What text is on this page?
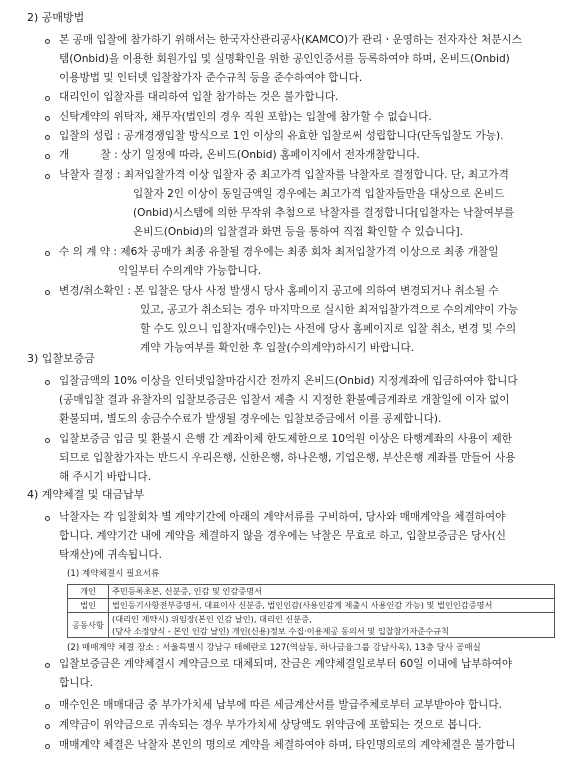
2) 공매방법
본 공매 입찰에 참가하기 위해서는 한국자산관리공사(KAMCO)가 관리ㆍ운영하는 전자자산 처분시스
템(Onbid)을 이용한 회원가입 및 실명확인을 위한 공인인증서를 등록하여야 하며, 온비드(Onbid)
이용방법 및 인터넷 입찰참가자 준수규칙 등을 준수하여야 합니다.
대리인이 입찰자를 대리하여 입찰 참가하는 것은 불가합니다.
신탁계약의 위탁자, 채무자(법인의 경우 직원 포함)는 입찰에 참가할 수 없습니다.
입찰의 성립 : 공개경쟁입찰 방식으로 1인 이상의 유효한 입찰로써 성립합니다(단독입찰도 가능).
개 　 　 찰 : 상기 일정에 따라, 온비드(Onbid) 홈페이지에서 전자개찰합니다.
낙찰자 결정 : 최저입찰가격 이상 입찰자 중 최고가격 입찰자를 낙찰자로 결정합니다. 단, 최고가격
입찰자 2인 이상이 동일금액일 경우에는 최고가격 입찰자들만을 대상으로 온비드
(Onbid)시스템에 의한 무작위 추첨으로 낙찰자를 결정합니다[입찰자는 낙찰여부를
온비드(Onbid)의 입찰결과 화면 등을 통하여 직접 확인할 수 있습니다].
수 의 계 약 : 제6차 공매가 최종 유찰될 경우에는 최종 회차 최저입찰가격 이상으로 최종 개찰일
익일부터 수의계약 가능합니다.
변경/취소확인 : 본 입찰은 당사 사정 발생시 당사 홈페이지 공고에 의하여 변경되거나 취소될 수
있고, 공고가 취소되는 경우 마지막으로 실시한 최저입찰가격으로 수의계약이 가능
할 수도 있으니 입찰자(매수인)는 사전에 당사 홈페이지로 입찰 취소, 변경 및 수의
계약 가능여부를 확인한 후 입찰(수의계약)하시기 바랍니다.
3) 입찰보증금
입찰금액의 10% 이상을 인터넷입찰마감시간 전까지 온비드(Onbid) 지정계좌에 입금하여야 합니다
(공매입찰 결과 유찰자의 입찰보증금은 입찰서 제출 시 지정한 환불예금계좌로 개찰일에 이자 없이
환불되며, 별도의 송금수수료가 발생될 경우에는 입찰보증금에서 이를 공제합니다).
입찰보증금 입금 및 환불시 은행 간 계좌이체 한도제한으로 10억원 이상은 타행계좌의 사용이 제한
되므로 입찰참가자는 반드시 우리은행, 신한은행, 하나은행, 기업은행, 부산은행 계좌를 만들어 사용
해 주시기 바랍니다.
4) 계약체결 및 대금납부
낙찰자는 각 입찰회차 별 계약기간에 아래의 계약서류를 구비하여, 당사와 매매계약을 체결하여야
합니다. 계약기간 내에 계약을 체결하지 않을 경우에는 낙찰은 무효로 하고, 입찰보증금은 당사(신
탁재산)에 귀속됩니다.
(1) 계약체결시 필요서류
개인	주민등록초본, 신분증, 인감 및 인감증명서
법인	법인등기사항전부증명서, 대표이사 신분증, 법인인감(사용인감계 제출시 사용인감 가능) 및 법인인감증명서
공동사항	(대리인 계약시) 위임장(본인 인감 날인), 대리인 신분증,
(당사 소정양식 - 본인 인감 날인) 개인(신용)정보 수집·이용제공 동의서 및 입찰참가자준수규칙
(2) 매매계약 체결 장소 : 서울특별시 강남구 테헤란로 127(역삼동, 하나금융그룹 강남사옥), 13층 당사 공매실
입찰보증금은 계약체결시 계약금으로 대체되며, 잔금은 계약체결일로부터 60일 이내에 납부하여야
합니다.
매수인은 매매대금 중 부가가치세 납부에 따른 세금계산서를 발급주체로부터 교부받아야 합니다.
계약금이 위약금으로 귀속되는 경우 부가가치세 상당액도 위약금에 포함되는 것으로 봅니다.
매매계약 체결은 낙찰자 본인의 명의로 계약을 체결하여야 하며, 타인명의로의 계약체결은 불가합니
